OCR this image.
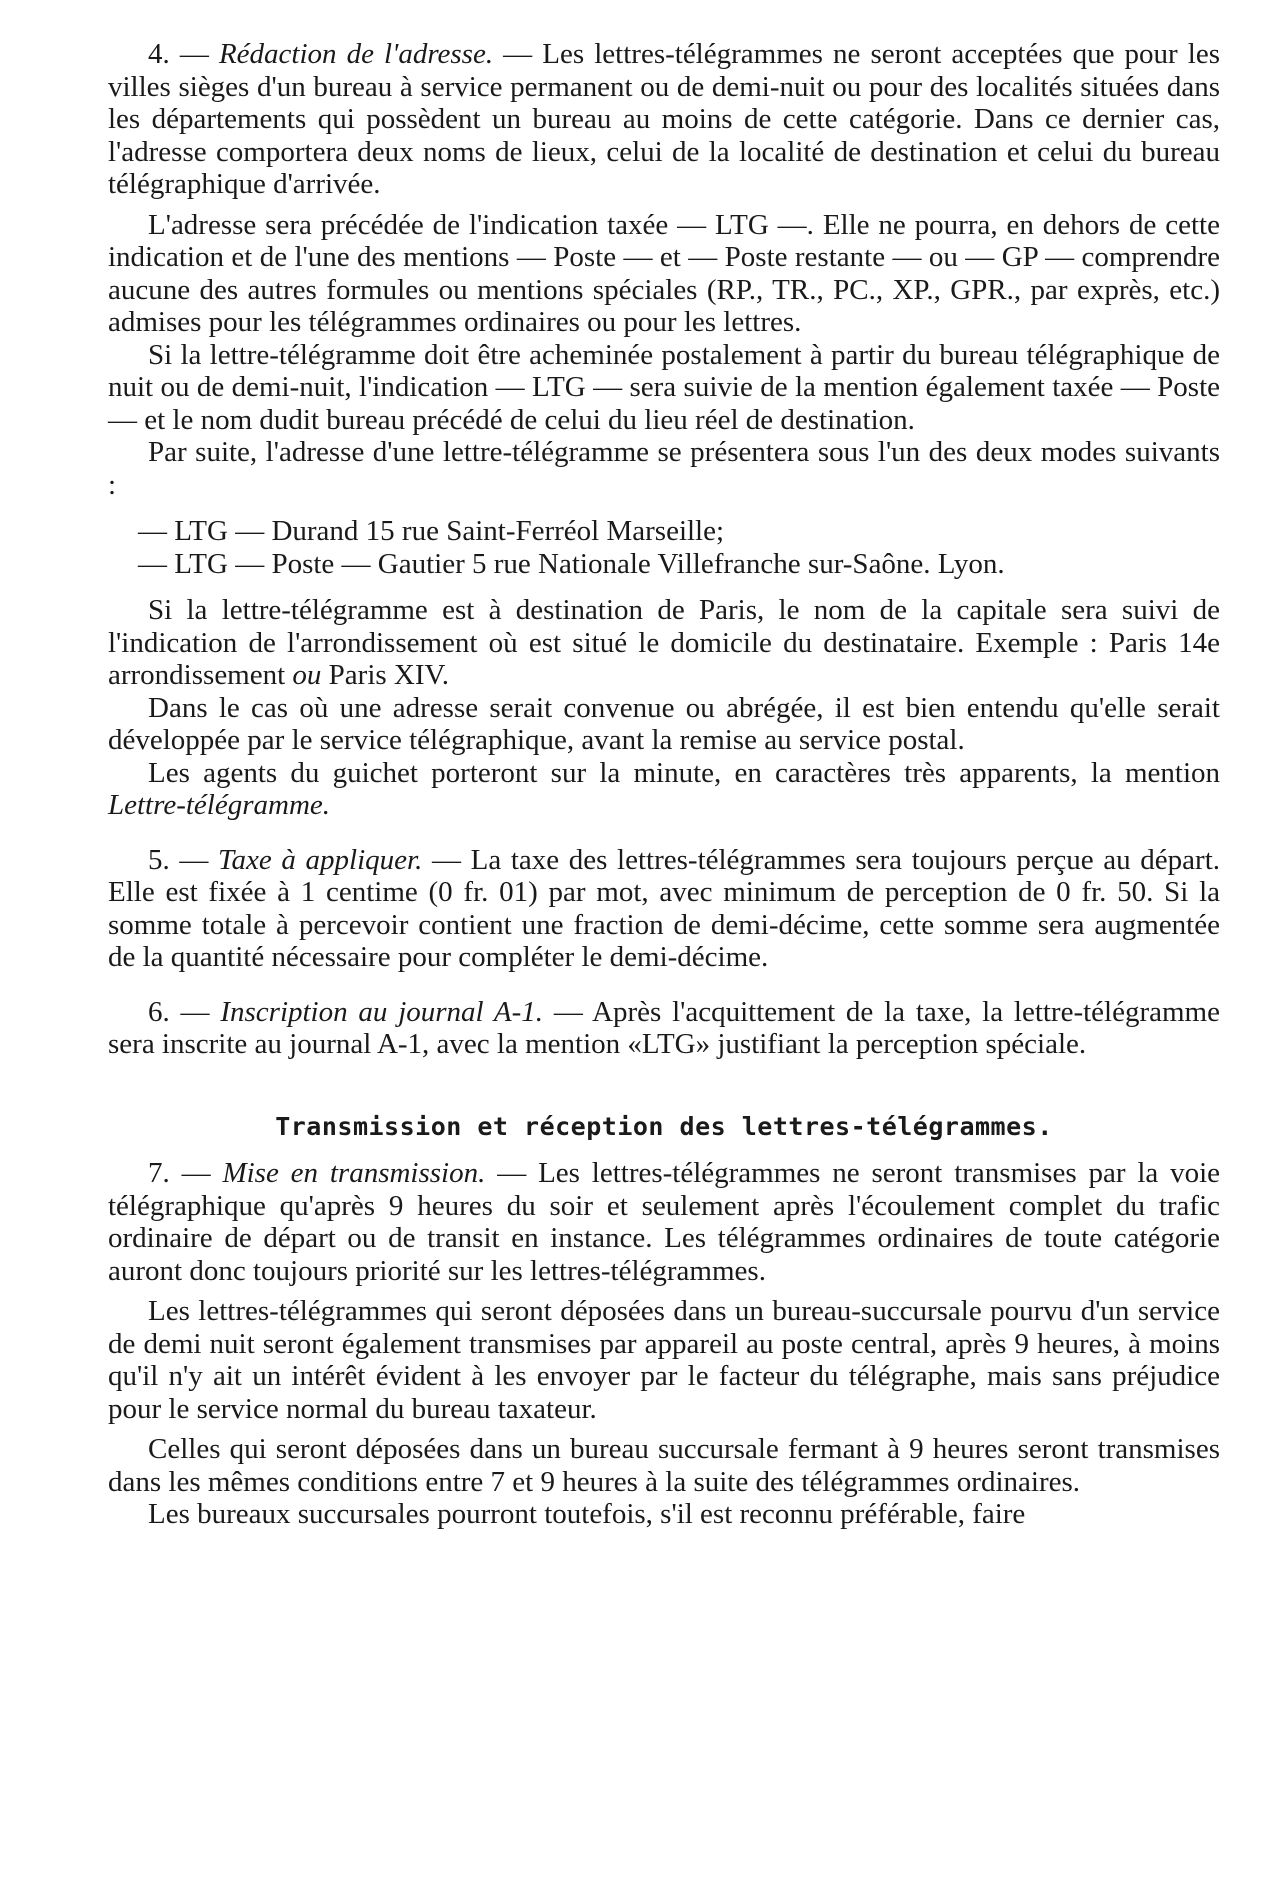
4. — Rédaction de l'adresse. — Les lettres-télégrammes ne seront acceptées que pour les villes sièges d'un bureau à service permanent ou de demi-nuit ou pour des localités situées dans les départements qui possèdent un bureau au moins de cette catégorie. Dans ce dernier cas, l'adresse comportera deux noms de lieux, celui de la localité de destination et celui du bureau télégraphique d'arrivée.

L'adresse sera précédée de l'indication taxée — LTG —. Elle ne pourra, en dehors de cette indication et de l'une des mentions — Poste — et — Poste restante — ou — GP — comprendre aucune des autres formules ou mentions spéciales (RP., TR., PC., XP., GPR., par exprès, etc.) admises pour les télégrammes ordinaires ou pour les lettres.

Si la lettre-télégramme doit être acheminée postalement à partir du bureau télégraphique de nuit ou de demi-nuit, l'indication — LTG — sera suivie de la mention également taxée — Poste — et le nom dudit bureau précédé de celui du lieu réel de destination.

Par suite, l'adresse d'une lettre-télégramme se présentera sous l'un des deux modes suivants :

— LTG — Durand 15 rue Saint-Ferréol Marseille;

— LTG — Poste — Gautier 5 rue Nationale Villefranche sur-Saône. Lyon.

Si la lettre-télégramme est à destination de Paris, le nom de la capitale sera suivi de l'indication de l'arrondissement où est situé le domicile du destinataire. Exemple : Paris 14e arrondissement ou Paris XIV.

Dans le cas où une adresse serait convenue ou abrégée, il est bien entendu qu'elle serait développée par le service télégraphique, avant la remise au service postal.

Les agents du guichet porteront sur la minute, en caractères très apparents, la mention Lettre-télégramme.

5. — Taxe à appliquer. — La taxe des lettres-télégrammes sera toujours perçue au départ. Elle est fixée à 1 centime (0 fr. 01) par mot, avec minimum de perception de 0 fr. 50. Si la somme totale à percevoir contient une fraction de demi-décime, cette somme sera augmentée de la quantité nécessaire pour compléter le demi-décime.

6. — Inscription au journal A-1. — Après l'acquittement de la taxe, la lettre-télégramme sera inscrite au journal A-1, avec la mention «LTG» justifiant la perception spéciale.

Transmission et réception des lettres-télégrammes.

7. — Mise en transmission. — Les lettres-télégrammes ne seront transmises par la voie télégraphique qu'après 9 heures du soir et seulement après l'écoulement complet du trafic ordinaire de départ ou de transit en instance. Les télégrammes ordinaires de toute catégorie auront donc toujours priorité sur les lettres-télégrammes.

Les lettres-télégrammes qui seront déposées dans un bureau-succursale pourvu d'un service de demi nuit seront également transmises par appareil au poste central, après 9 heures, à moins qu'il n'y ait un intérêt évident à les envoyer par le facteur du télégraphe, mais sans préjudice pour le service normal du bureau taxateur.

Celles qui seront déposées dans un bureau succursale fermant à 9 heures seront transmises dans les mêmes conditions entre 7 et 9 heures à la suite des télégrammes ordinaires.

Les bureaux succursales pourront toutefois, s'il est reconnu préférable, faire
